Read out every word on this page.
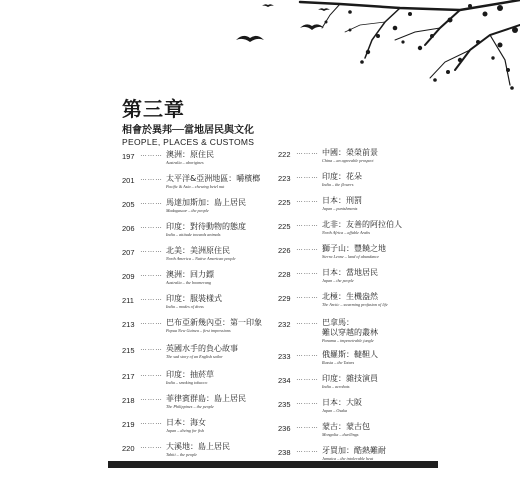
第三章
相會於異邦──當地居民與文化
PEOPLE, PLACES & CUSTOMS
197 ……… 澳洲：原住民
Australia – aborigines
201 ……… 太平洋&亞洲地區：嚼檳榔
Pacific & Asia – chewing betel nut
205 ……… 馬達加斯加：島上居民
Madagascar – the people
206 ……… 印度：對待動物的態度
India – attitude towards animals
207 ……… 北美：美洲原住民
North America – Native American people
209 ……… 澳洲：回力鏢
Australia – the boomerang
211 ……… 印度：服裝樣式
India – modes of dress
213 ……… 巴布亞新幾內亞：第一印象
Papua New Guinea – first impressions
215 ……… 英國水手的負心故事
The sad story of an English sailor
217 ……… 印度：抽菸草
India – smoking tobacco
218 ……… 菲律賓群島：島上居民
The Philippines – the people
219 ……… 日本：海女
Japan – diving for fish
220 ……… 大溪地：島上居民
Tahiti – the people
222 ……… 中國：榮榮前景
China – an agreeable prospect
223 ……… 印度：花朵
India – the flowers
225 ……… 日本：刑罰
Japan – punishments
225 ……… 北非：友善的阿拉伯人
North Africa – affable Arabs
226 ……… 獅子山：豐饒之地
Sierra Leone – land of abundance
228 ……… 日本：當地居民
Japan – the people
229 ……… 北極：生機盎然
The Arctic – swarming profusion of life
232 ……… 巴拿馬：
難以穿越的叢林
Panama – impenetrable jungle
233 ……… 俄羅斯：韃靼人
Russia – the Tatars
234 ……… 印度：雜技演員
India – acrobats
235 ……… 日本：大阪
Japan – Osaka
236 ……… 蒙古：蒙古包
Mongolia – dwellings
238 ……… 牙買加：酷熱難耐
Jamaica – the intolerable heat
